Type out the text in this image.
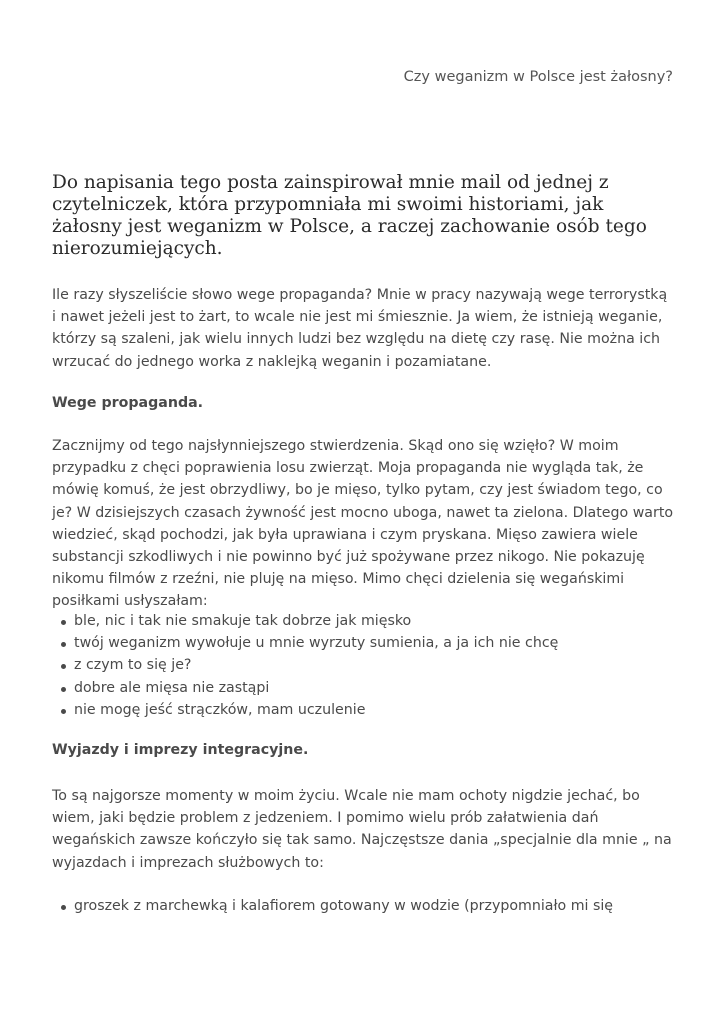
Czy weganizm w Polsce jest żałosny?
Do napisania tego posta zainspirował mnie mail od jednej z czytelniczek, która przypomniała mi swoimi historiami, jak żałosny jest weganizm w Polsce, a raczej zachowanie osób tego nierozumiejących.

Ile razy słyszeliście słowo wege propaganda? Mnie w pracy nazywają wege terrorystką i nawet jeżeli jest to żart, to wcale nie jest mi śmiesznie. Ja wiem, że istnieją weganie, którzy są szaleni, jak wielu innych ludzi bez względu na dietę czy rasę. Nie można ich wrzucać do jednego worka z naklejką weganin i pozamiatane.

Wege propaganda.

Zacznijmy od tego najsłynniejszego stwierdzenia. Skąd ono się wzięło? W moim przypadku z chęci poprawienia losu zwierząt. Moja propaganda nie wygląda tak, że mówię komuś, że jest obrzydliwy, bo je mięso, tylko pytam, czy jest świadom tego, co je? W dzisiejszych czasach żywność jest mocno uboga, nawet ta zielona. Dlatego warto wiedzieć, skąd pochodzi, jak była uprawiana i czym pryskana. Mięso zawiera wiele substancji szkodliwych i nie powinno być już spożywane przez nikogo. Nie pokazuję nikomu filmów z rzeźni, nie pluję na mięso. Mimo chęci dzielenia się wegańskimi posiłkami usłyszałam:

ble, nic i tak nie smakuje tak dobrze jak mięsko
twój weganizm wywołuje u mnie wyrzuty sumienia, a ja ich nie chcę
z czym to się je?
dobre ale mięsa nie zastąpi
nie mogę jeść strączków, mam uczulenie
Wyjazdy i imprezy integracyjne.

To są najgorsze momenty w moim życiu. Wcale nie mam ochoty nigdzie jechać, bo wiem, jaki będzie problem z jedzeniem. I pomimo wielu prób załatwienia dań wegańskich zawsze kończyło się tak samo. Najczęstsze dania „specjalnie dla mnie „ na wyjazdach i imprezach służbowych to:

groszek z marchewką i kalafiorem gotowany w wodzie (przypomniało mi się
